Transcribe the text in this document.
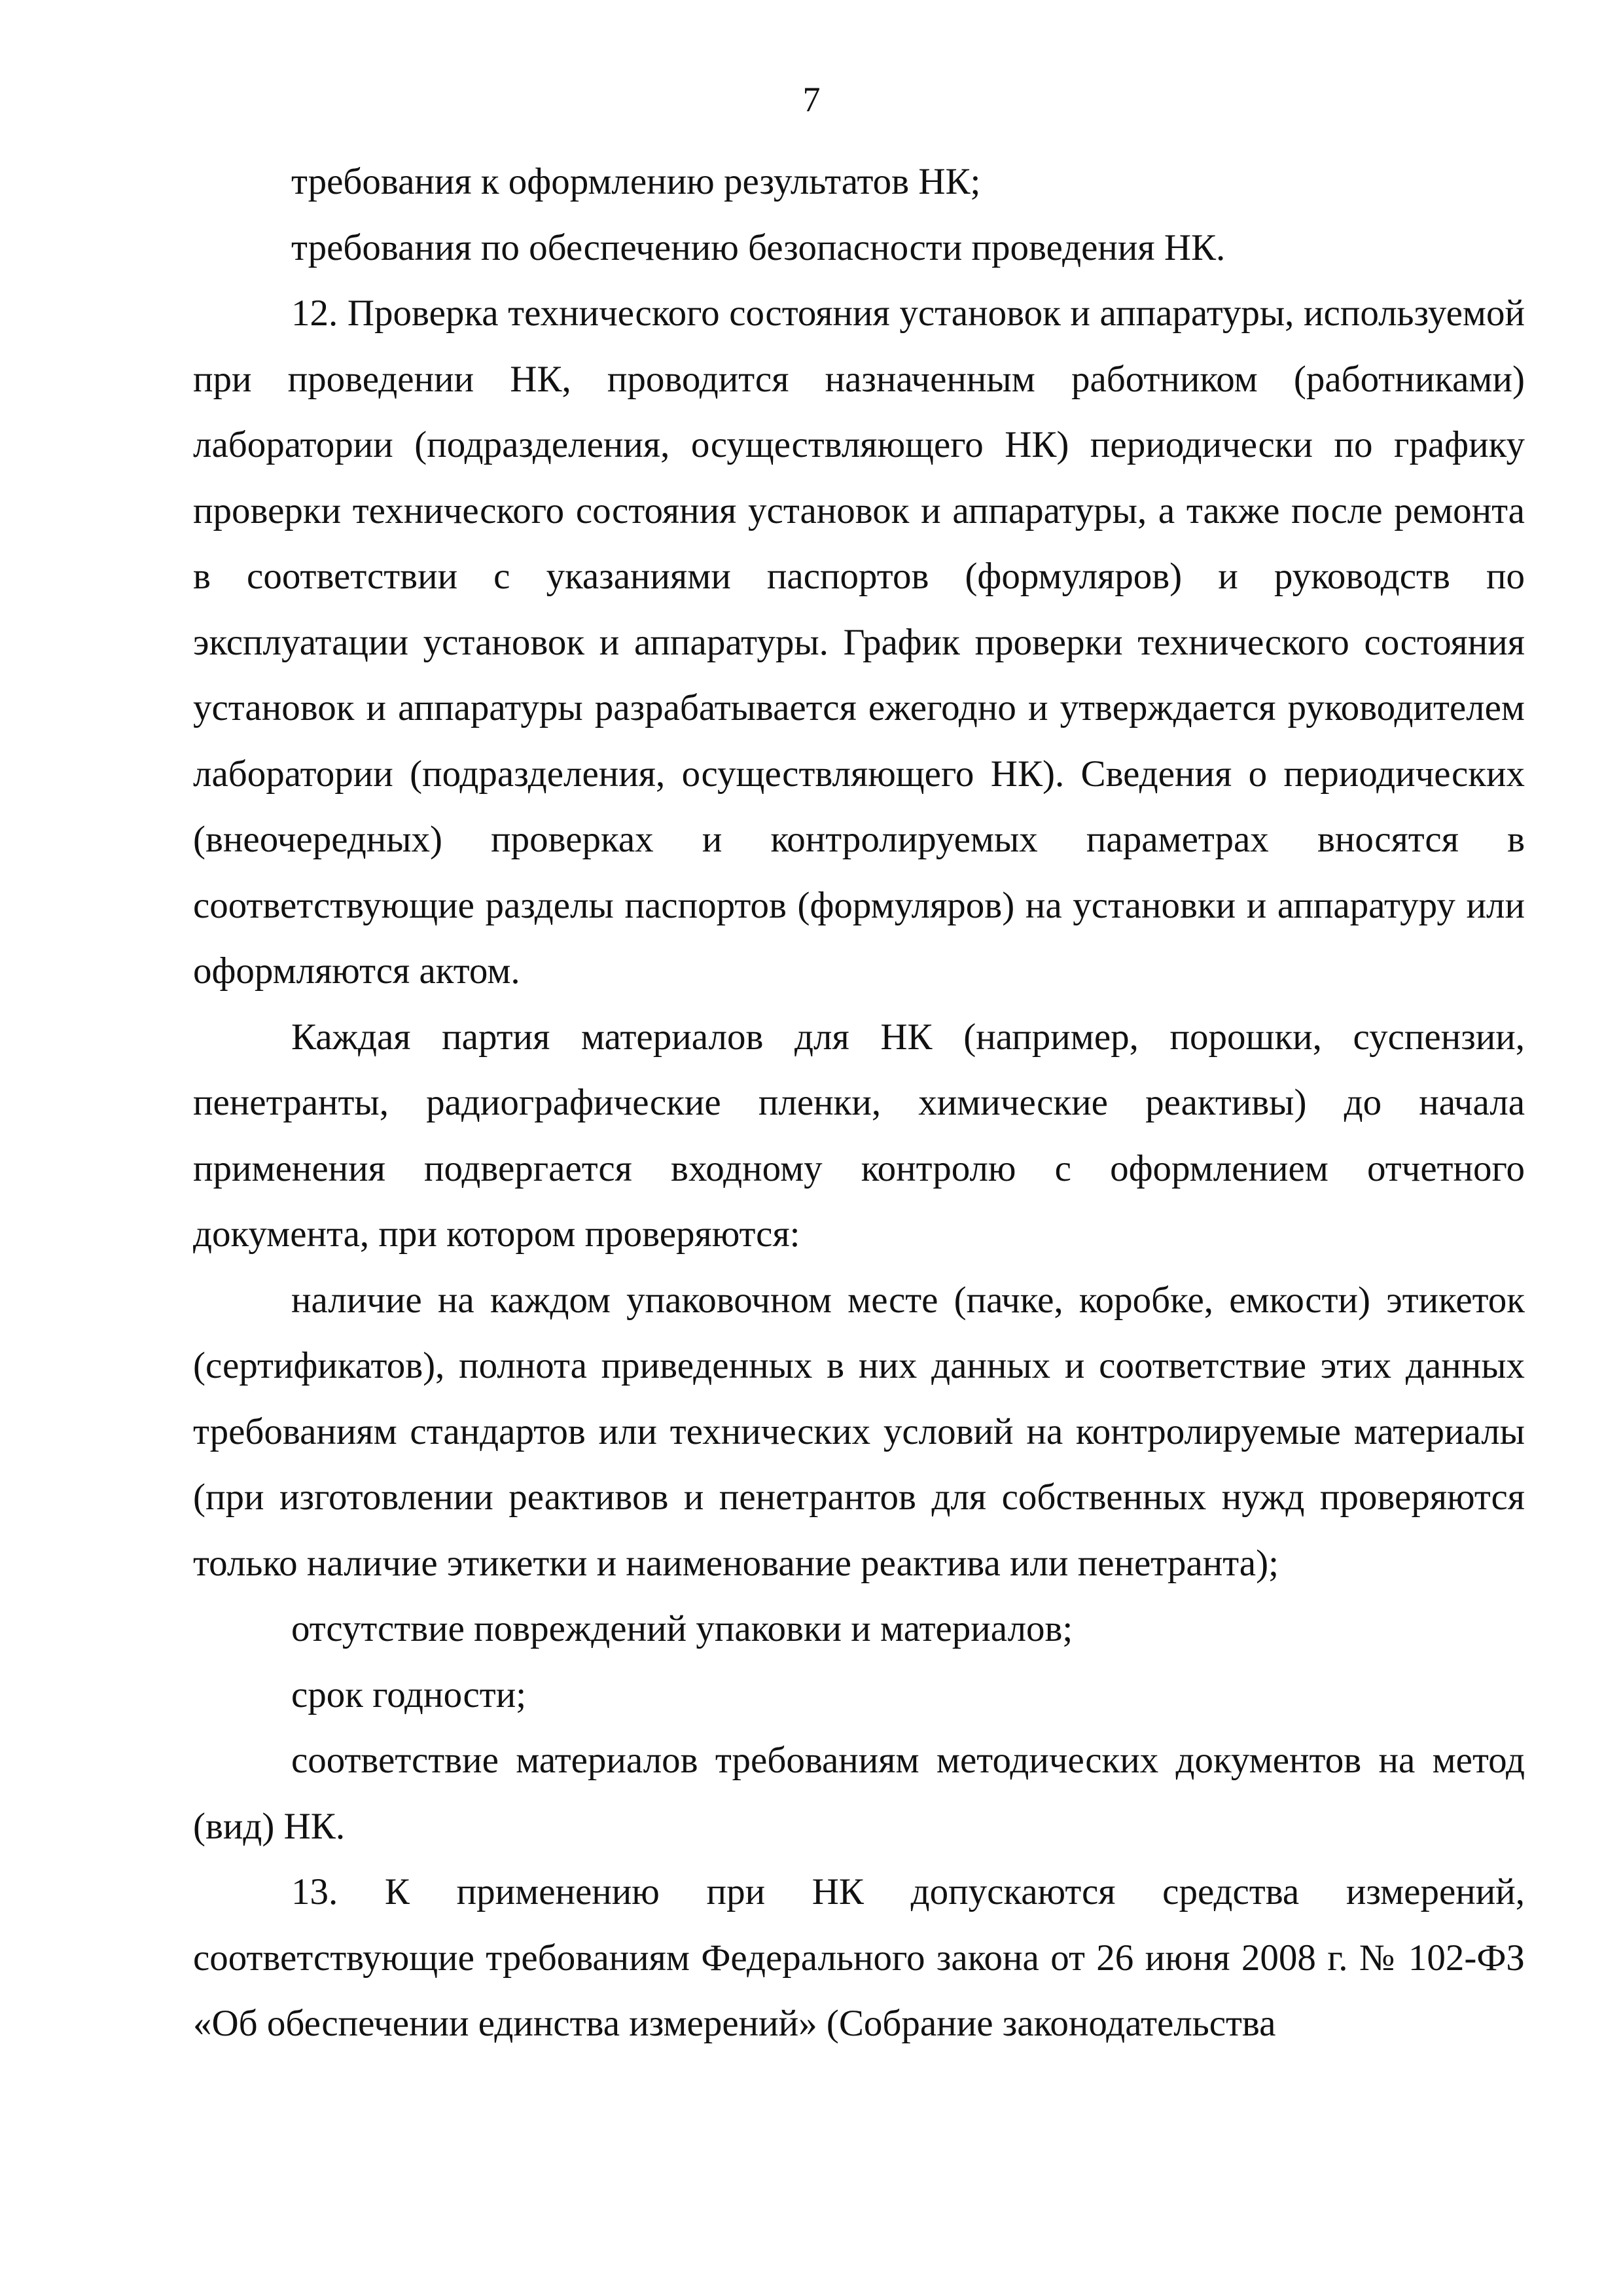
7

требования к оформлению результатов НК;

требования по обеспечению безопасности проведения НК.

12. Проверка технического состояния установок и аппаратуры, используемой при проведении НК, проводится назначенным работником (работниками) лаборатории (подразделения, осуществляющего НК) периодически по графику проверки технического состояния установок и аппаратуры, а также после ремонта в соответствии с указаниями паспортов (формуляров) и руководств по эксплуатации установок и аппаратуры. График проверки технического состояния установок и аппаратуры разрабатывается ежегодно и утверждается руководителем лаборатории (подразделения, осуществляющего НК). Сведения о периодических (внеочередных) проверках и контролируемых параметрах вносятся в соответствующие разделы паспортов (формуляров) на установки и аппаратуру или оформляются актом.

Каждая партия материалов для НК (например, порошки, суспензии, пенетранты, радиографические пленки, химические реактивы) до начала применения подвергается входному контролю с оформлением отчетного документа, при котором проверяются:

наличие на каждом упаковочном месте (пачке, коробке, емкости) этикеток (сертификатов), полнота приведенных в них данных и соответствие этих данных требованиям стандартов или технических условий на контролируемые материалы (при изготовлении реактивов и пенетрантов для собственных нужд проверяются только наличие этикетки и наименование реактива или пенетранта);

отсутствие повреждений упаковки и материалов;

срок годности;

соответствие материалов требованиям методических документов на метод (вид) НК.

13. К применению при НК допускаются средства измерений, соответствующие требованиям Федерального закона от 26 июня 2008 г. № 102-ФЗ «Об обеспечении единства измерений» (Собрание законодательства
